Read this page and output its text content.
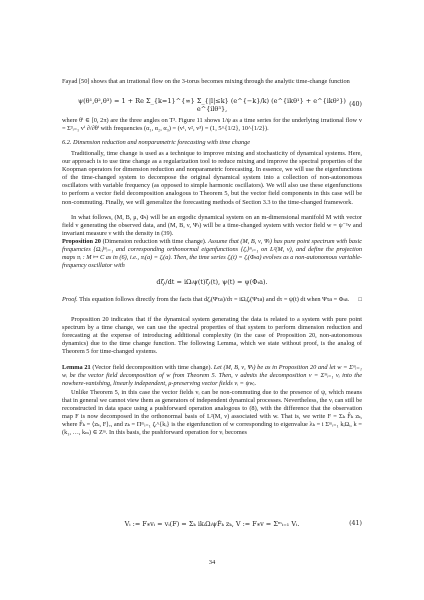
Fayad [50] shows that an irrational flow on the 3-torus becomes mixing through the analytic time-change function

ψ(θ¹,θ²,θ³) = 1 + Re Σ_{k=1}^{∞} Σ_{|l|≤k} (e^{−k}/k) (e^{ikθ¹} + e^{ikθ²}) e^{ilθ³},
(40)

where θⁱ ∈ [0, 2π) are the three angles on T³. Figure 11 shows 1/ψ as a time series for the underlying irrational flow v = Σ³ᵢ₌₁ vⁱ ∂/∂θⁱ with frequencies (α₁, α₂, α₃) = (v¹, v², v³) = (1, 5^{1/2}, 10^{1/2}).

6.2. Dimension reduction and nonparametric forecasting with time change

Traditionally, time change is used as a technique to improve mixing and stochasticity of dynamical systems. Here, our approach is to use time change as a regularization tool to reduce mixing and improve the spectral properties of the Koopman operators for dimension reduction and nonparametric forecasting. In essence, we will use the eigenfunctions of the time-changed system to decompose the original dynamical system into a collection of non-autonomous oscillators with variable frequency (as opposed to simple harmonic oscillators). We will also use these eigenfunctions to perform a vector field decomposition analogous to Theorem 5, but the vector field components in this case will be non-commuting. Finally, we will generalize the forecasting methods of Section 3.3 to the time-changed framework.

In what follows, (M, B, μ, Φₜ) will be an ergodic dynamical system on an m-dimensional manifold M with vector field v generating the observed data, and (M, B, ν, Ψₜ) will be a time-changed system with vector field w = ψ⁻¹v and invariant measure ν with the density in (39).

Proposition 20 (Dimension reduction with time change). Assume that (M, B, ν, Ψₜ) has pure point spectrum with basic frequencies {Ωᵢ}ᵐᵢ₌₁ and corresponding orthonormal eigenfunctions {ζᵢ}ᵐᵢ₌₁ on L²(M, ν), and define the projection maps πᵢ : M ↦ C as in (6), i.e., πᵢ(a) = ζᵢ(a). Then, the time series ζᵢ(t) = ζᵢ(Φₜa) evolves as a non-autonomous variable-frequency oscillator with

dζᵢ/dt = iΩᵢψ(t)ζᵢ(t), ψ(t) = ψ(Φₜa).

Proof. This equation follows directly from the facts that dζᵢ(Ψτa)/dτ = iΩᵢζᵢ(Ψτa) and dτ = ψ(t) dt when Ψτa = Φₜa. □

Proposition 20 indicates that if the dynamical system generating the data is related to a system with pure point spectrum by a time change, we can use the spectral properties of that system to perform dimension reduction and forecasting at the expense of introducing additional complexity (in the case of Proposition 20, non-autonomous dynamics) due to the time change function. The following Lemma, which we state without proof, is the analog of Theorem 5 for time-changed systems.

Lemma 21 (Vector field decomposition with time change). Let (M, B, ν, Ψₜ) be as in Proposition 20 and let w = Σᵐᵢ₌₁ wᵢ be the vector field decomposition of w from Theorem 5. Then, v admits the decomposition v = Σᵐᵢ₌₁ vᵢ into the nowhere-vanishing, linearly independent, μ-preserving vector fields vᵢ = ψwᵢ.

Unlike Theorem 5, in this case the vector fields vᵢ can be non-commuting due to the presence of ψ, which means that in general we cannot view them as generators of independent dynamical processes. Nevertheless, the vᵢ can still be reconstructed in data space using a pushforward operation analogous to (8), with the difference that the observation map F is now decomposed in the orthonormal basis of L²(M, ν) associated with w. That is, we write F = Σₖ F̂ₖ zₖ, where F̂ₖ = ⟨zₖ, F⟩ᵥ, and zₖ = Πᵐᵢ₌₁ ζᵢ^{kᵢ} is the eigenfunction of w corresponding to eigenvalue λₖ = i Σᵐᵢ₌₁ kᵢΩᵢ, k = (k₁, …, kₘ) ∈ Zᵐ. In this basis, the pushforward operation for vᵢ becomes

Vᵢ := F⁎vᵢ = vᵢ(F) = Σₖ ikᵢΩᵢψF̂ₖ zₖ, V := F⁎v = Σᵐᵢ₌₁ Vᵢ.	(41)
34
